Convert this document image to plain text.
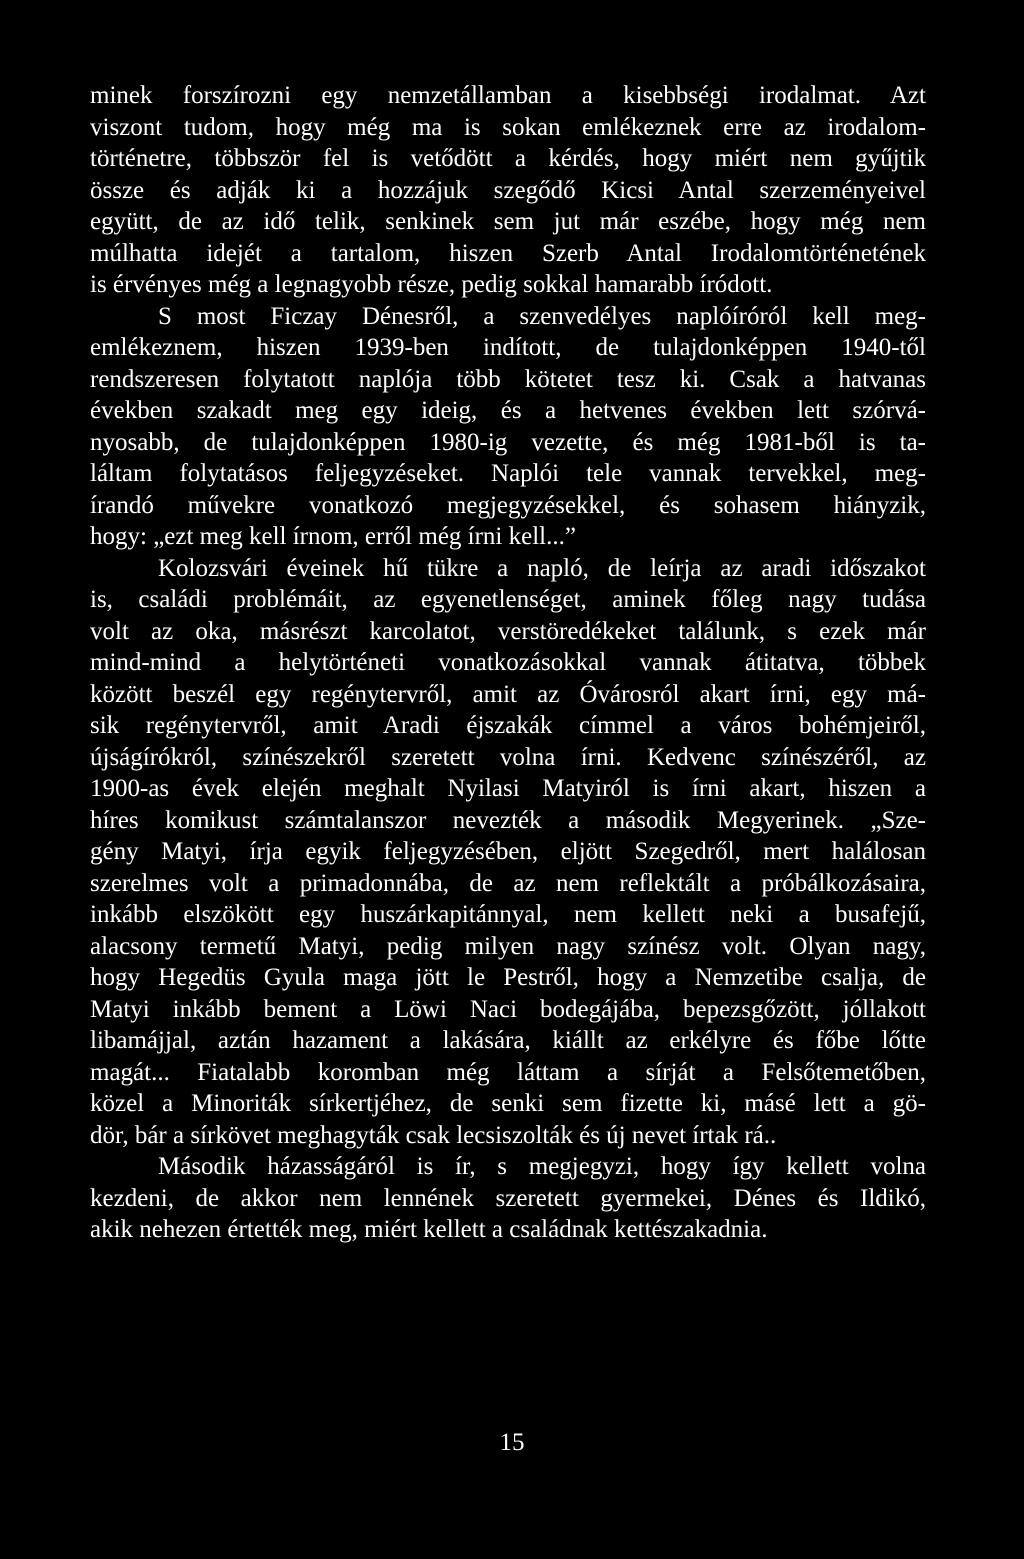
minek forszírozni egy nemzetállamban a kisebbségi irodalmat. Azt
viszont tudom, hogy még ma is sokan emlékeznek erre az irodalom-
történetre, többször fel is vetődött a kérdés, hogy miért nem gyűjtik
össze és adják ki a hozzájuk szegődő Kicsi Antal szerzeményeivel
együtt, de az idő telik, senkinek sem jut már eszébe, hogy még nem
múlhatta idejét a tartalom, hiszen Szerb Antal Irodalomtörténetének
is érvényes még a legnagyobb része, pedig sokkal hamarabb íródott.
S most Ficzay Dénesről, a szenvedélyes naplóíróról kell meg-
emlékeznem, hiszen 1939-ben indított, de tulajdonképpen 1940-től
rendszeresen folytatott naplója több kötetet tesz ki. Csak a hatvanas
években szakadt meg egy ideig, és a hetvenes években lett szórvá-
nyosabb, de tulajdonképpen 1980-ig vezette, és még 1981-ből is ta-
láltam folytatásos feljegyzéseket. Naplói tele vannak tervekkel, meg-
írandó művekre vonatkozó megjegyzésekkel, és sohasem hiányzik,
hogy: „ezt meg kell írnom, erről még írni kell...”
Kolozsvári éveinek hű tükre a napló, de leírja az aradi időszakot
is, családi problémáit, az egyenetlenséget, aminek főleg nagy tudása
volt az oka, másrészt karcolatot, verstöredékeket találunk, s ezek már
mind-mind a helytörténeti vonatkozásokkal vannak átitatva, többek
között beszél egy regénytervről, amit az Óvárosról akart írni, egy má-
sik regénytervről, amit Aradi éjszakák címmel a város bohémjeiről,
újságírókról, színészekről szeretett volna írni. Kedvenc színészéről, az
1900-as évek elején meghalt Nyilasi Matyiról is írni akart, hiszen a
híres komikust számtalanszor nevezték a második Megyerinek. „Sze-
gény Matyi, írja egyik feljegyzésében, eljött Szegedről, mert halálosan
szerelmes volt a primadonnába, de az nem reflektált a próbálkozásaira,
inkább elszökött egy huszárkapitánnyal, nem kellett neki a busafejű,
alacsony termetű Matyi, pedig milyen nagy színész volt. Olyan nagy,
hogy Hegedüs Gyula maga jött le Pestről, hogy a Nemzetibe csalja, de
Matyi inkább bement a Löwi Naci bodegájába, bepezsgőzött, jóllakott
libamájjal, aztán hazament a lakására, kiállt az erkélyre és főbe lőtte
magát... Fiatalabb koromban még láttam a sírját a Felsőtemetőben,
közel a Minoriták sírkertjéhez, de senki sem fizette ki, másé lett a gö-
dör, bár a sírkövet meghagyták csak lecsiszolták és új nevet írtak rá..
Második házasságáról is ír, s megjegyzi, hogy így kellett volna
kezdeni, de akkor nem lennének szeretett gyermekei, Dénes és Ildikó,
akik nehezen értették meg, miért kellett a családnak kettészakadnia.
15
